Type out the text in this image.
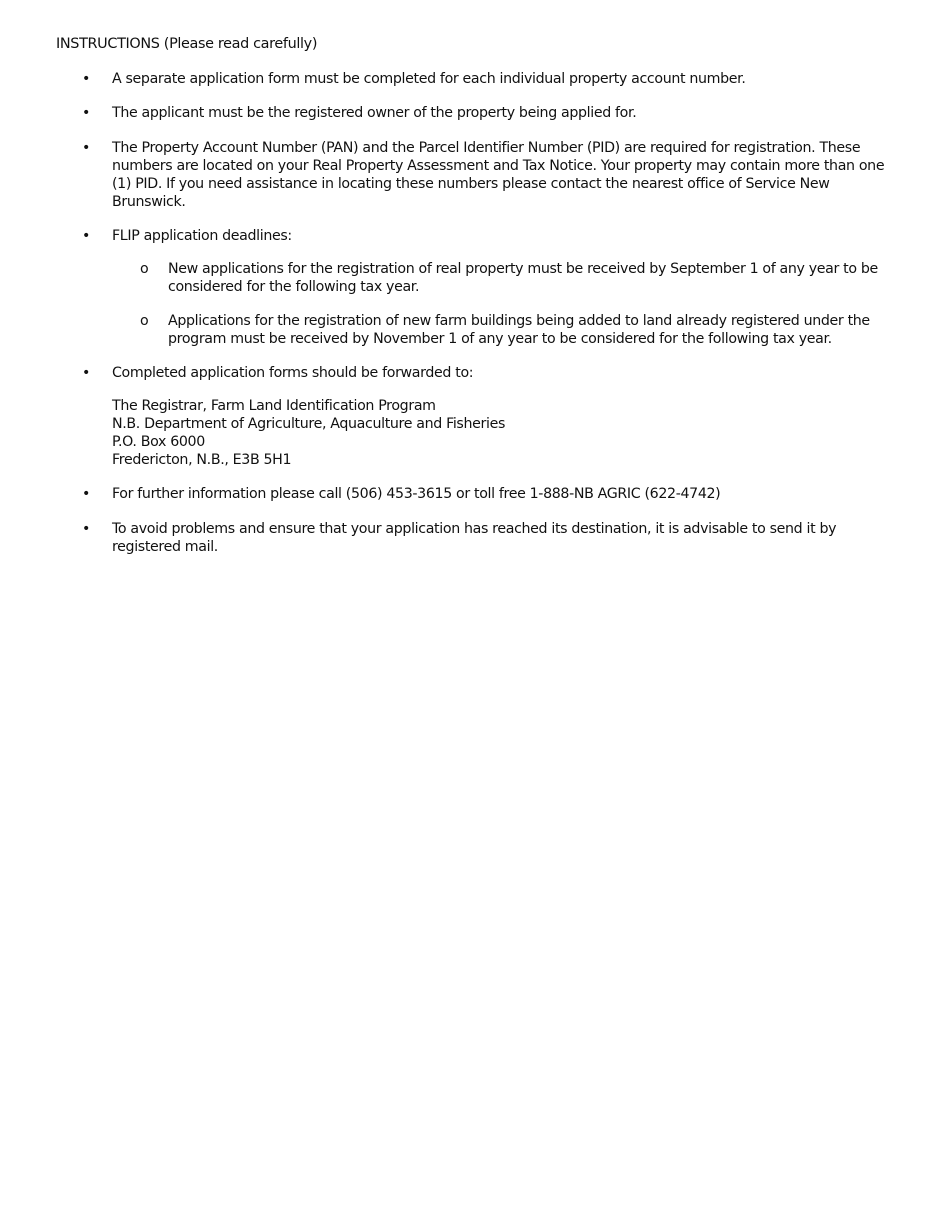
INSTRUCTIONS (Please read carefully)
•	A separate application form must be completed for each individual property account number.
•	The applicant must be the registered owner of the property being applied for.
•	The Property Account Number (PAN) and the Parcel Identifier Number (PID) are required for registration. These numbers are located on your Real Property Assessment and Tax Notice. Your property may contain more than one (1) PID. If you need assistance in locating these numbers please contact the nearest office of Service New Brunswick.
•	FLIP application deadlines:
o New applications for the registration of real property must be received by September 1 of any year to be considered for the following tax year.
o Applications for the registration of new farm buildings being added to land already registered under the program must be received by November 1 of any year to be considered for the following tax year.
•	Completed application forms should be forwarded to:
The Registrar, Farm Land Identification Program
N.B. Department of Agriculture, Aquaculture and Fisheries
P.O. Box 6000
Fredericton, N.B., E3B 5H1
•	For further information please call (506) 453-3615 or toll free 1-888-NB AGRIC (622-4742)
•	To avoid problems and ensure that your application has reached its destination, it is advisable to send it by registered mail.
